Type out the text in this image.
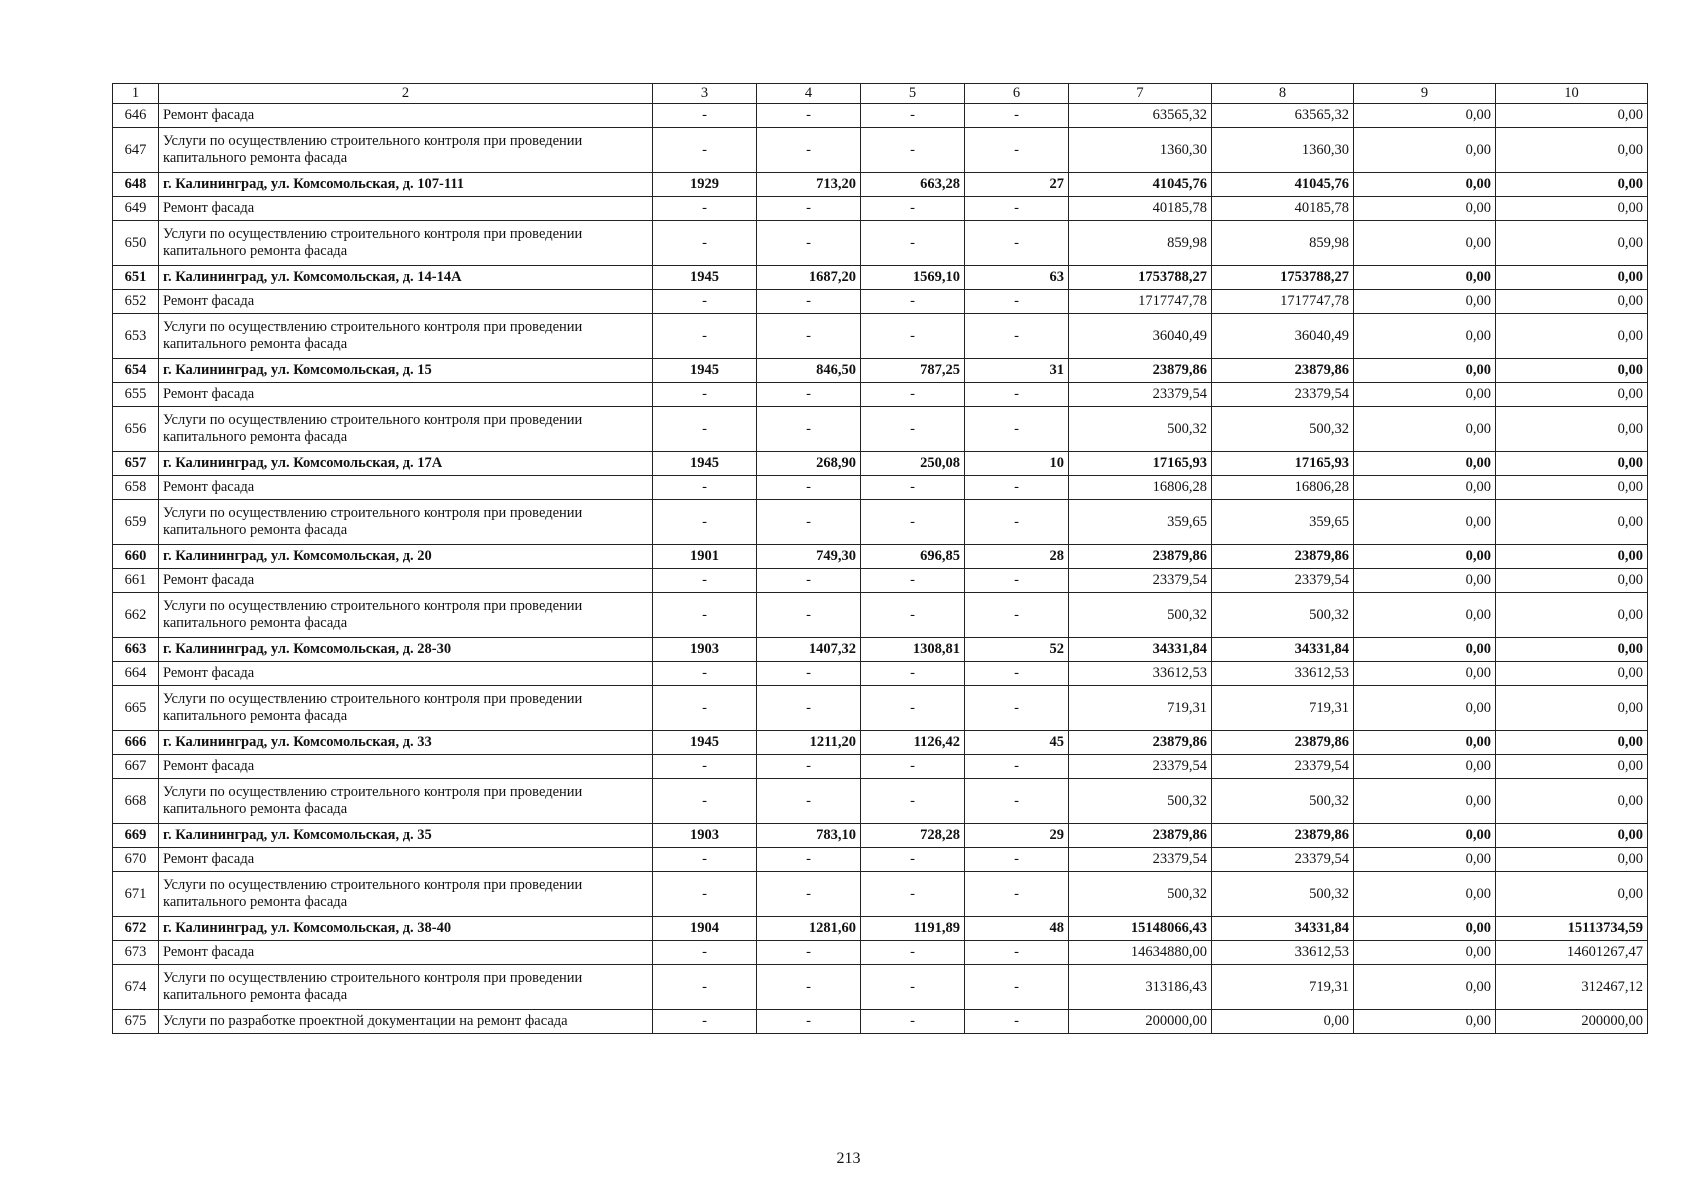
1	2	3	4	5	6	7	8	9	10
646	Ремонт фасада	-	-	-	-	63565,32	63565,32	0,00	0,00
647	Услуги по осуществлению строительного контроля при проведении капитального ремонта фасада	-	-	-	-	1360,30	1360,30	0,00	0,00
648	г. Калининград, ул. Комсомольская, д. 107-111	1929	713,20	663,28	27	41045,76	41045,76	0,00	0,00
649	Ремонт фасада	-	-	-	-	40185,78	40185,78	0,00	0,00
650	Услуги по осуществлению строительного контроля при проведении капитального ремонта фасада	-	-	-	-	859,98	859,98	0,00	0,00
651	г. Калининград, ул. Комсомольская, д. 14-14А	1945	1687,20	1569,10	63	1753788,27	1753788,27	0,00	0,00
652	Ремонт фасада	-	-	-	-	1717747,78	1717747,78	0,00	0,00
653	Услуги по осуществлению строительного контроля при проведении капитального ремонта фасада	-	-	-	-	36040,49	36040,49	0,00	0,00
654	г. Калининград, ул. Комсомольская, д. 15	1945	846,50	787,25	31	23879,86	23879,86	0,00	0,00
655	Ремонт фасада	-	-	-	-	23379,54	23379,54	0,00	0,00
656	Услуги по осуществлению строительного контроля при проведении капитального ремонта фасада	-	-	-	-	500,32	500,32	0,00	0,00
657	г. Калининград, ул. Комсомольская, д. 17А	1945	268,90	250,08	10	17165,93	17165,93	0,00	0,00
658	Ремонт фасада	-	-	-	-	16806,28	16806,28	0,00	0,00
659	Услуги по осуществлению строительного контроля при проведении капитального ремонта фасада	-	-	-	-	359,65	359,65	0,00	0,00
660	г. Калининград, ул. Комсомольская, д. 20	1901	749,30	696,85	28	23879,86	23879,86	0,00	0,00
661	Ремонт фасада	-	-	-	-	23379,54	23379,54	0,00	0,00
662	Услуги по осуществлению строительного контроля при проведении капитального ремонта фасада	-	-	-	-	500,32	500,32	0,00	0,00
663	г. Калининград, ул. Комсомольская, д. 28-30	1903	1407,32	1308,81	52	34331,84	34331,84	0,00	0,00
664	Ремонт фасада	-	-	-	-	33612,53	33612,53	0,00	0,00
665	Услуги по осуществлению строительного контроля при проведении капитального ремонта фасада	-	-	-	-	719,31	719,31	0,00	0,00
666	г. Калининград, ул. Комсомольская, д. 33	1945	1211,20	1126,42	45	23879,86	23879,86	0,00	0,00
667	Ремонт фасада	-	-	-	-	23379,54	23379,54	0,00	0,00
668	Услуги по осуществлению строительного контроля при проведении капитального ремонта фасада	-	-	-	-	500,32	500,32	0,00	0,00
669	г. Калининград, ул. Комсомольская, д. 35	1903	783,10	728,28	29	23879,86	23879,86	0,00	0,00
670	Ремонт фасада	-	-	-	-	23379,54	23379,54	0,00	0,00
671	Услуги по осуществлению строительного контроля при проведении капитального ремонта фасада	-	-	-	-	500,32	500,32	0,00	0,00
672	г. Калининград, ул. Комсомольская, д. 38-40	1904	1281,60	1191,89	48	15148066,43	34331,84	0,00	15113734,59
673	Ремонт фасада	-	-	-	-	14634880,00	33612,53	0,00	14601267,47
674	Услуги по осуществлению строительного контроля при проведении капитального ремонта фасада	-	-	-	-	313186,43	719,31	0,00	312467,12
675	Услуги по разработке проектной документации на ремонт фасада	-	-	-	-	200000,00	0,00	0,00	200000,00
213
